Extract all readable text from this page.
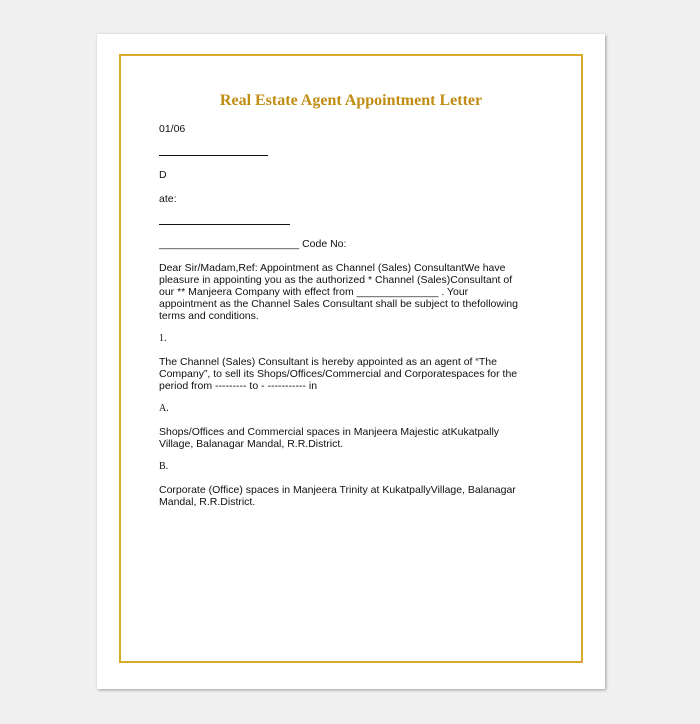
Real Estate Agent Appointment Letter
01/06
D
ate:
________________________ Code No:
Dear Sir/Madam,Ref: Appointment as Channel (Sales) ConsultantWe have
pleasure in appointing you as the authorized * Channel (Sales)Consultant of
our ** Manjeera Company with effect from ______________ . Your
appointment as the Channel Sales Consultant shall be subject to thefollowing
terms and conditions.
1.
The Channel (Sales) Consultant is hereby appointed as an agent of “The
Company”, to sell its Shops/Offices/Commercial and Corporatespaces for the
period from --------- to - ----------- in
A.
Shops/Offices and Commercial spaces in Manjeera Majestic atKukatpally
Village, Balanagar Mandal, R.R.District.
B.
Corporate (Office) spaces in Manjeera Trinity at KukatpallyVillage, Balanagar
Mandal, R.R.District.
